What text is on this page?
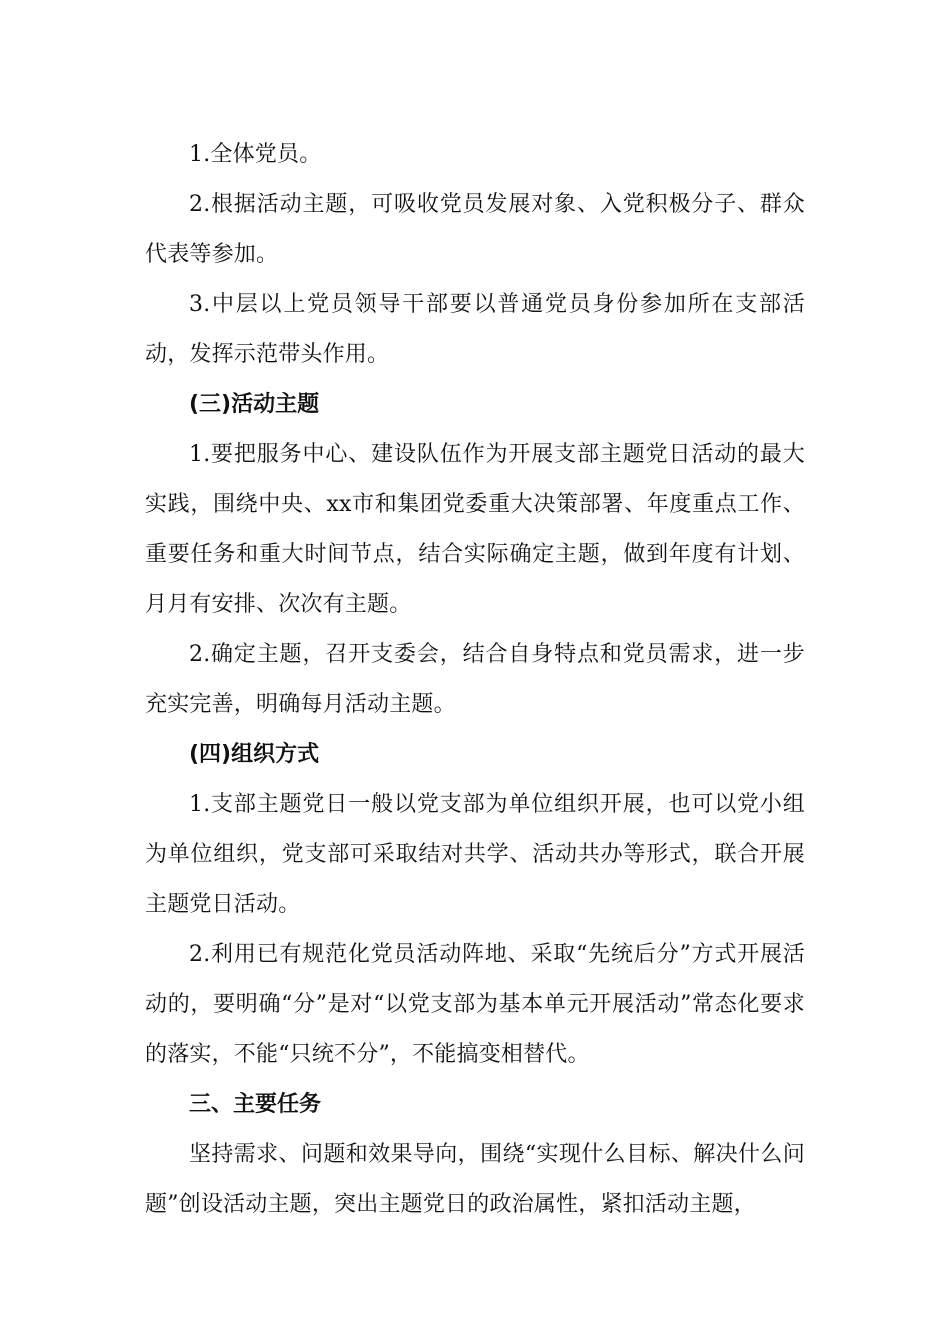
1.全体党员。

2.根据活动主题，可吸收党员发展对象、入党积极分子、群众代表等参加。

3.中层以上党员领导干部要以普通党员身份参加所在支部活动，发挥示范带头作用。

(三)活动主题

1.要把服务中心、建设队伍作为开展支部主题党日活动的最大实践，围绕中央、xx市和集团党委重大决策部署、年度重点工作、重要任务和重大时间节点，结合实际确定主题，做到年度有计划、月月有安排、次次有主题。

2.确定主题，召开支委会，结合自身特点和党员需求，进一步充实完善，明确每月活动主题。

(四)组织方式

1.支部主题党日一般以党支部为单位组织开展，也可以党小组为单位组织，党支部可采取结对共学、活动共办等形式，联合开展主题党日活动。

2.利用已有规范化党员活动阵地、采取“先统后分”方式开展活动的，要明确“分”是对“以党支部为基本单元开展活动”常态化要求的落实，不能“只统不分”，不能搞变相替代。

三、主要任务

坚持需求、问题和效果导向，围绕“实现什么目标、解决什么问题”创设活动主题，突出主题党日的政治属性，紧扣活动主题，
